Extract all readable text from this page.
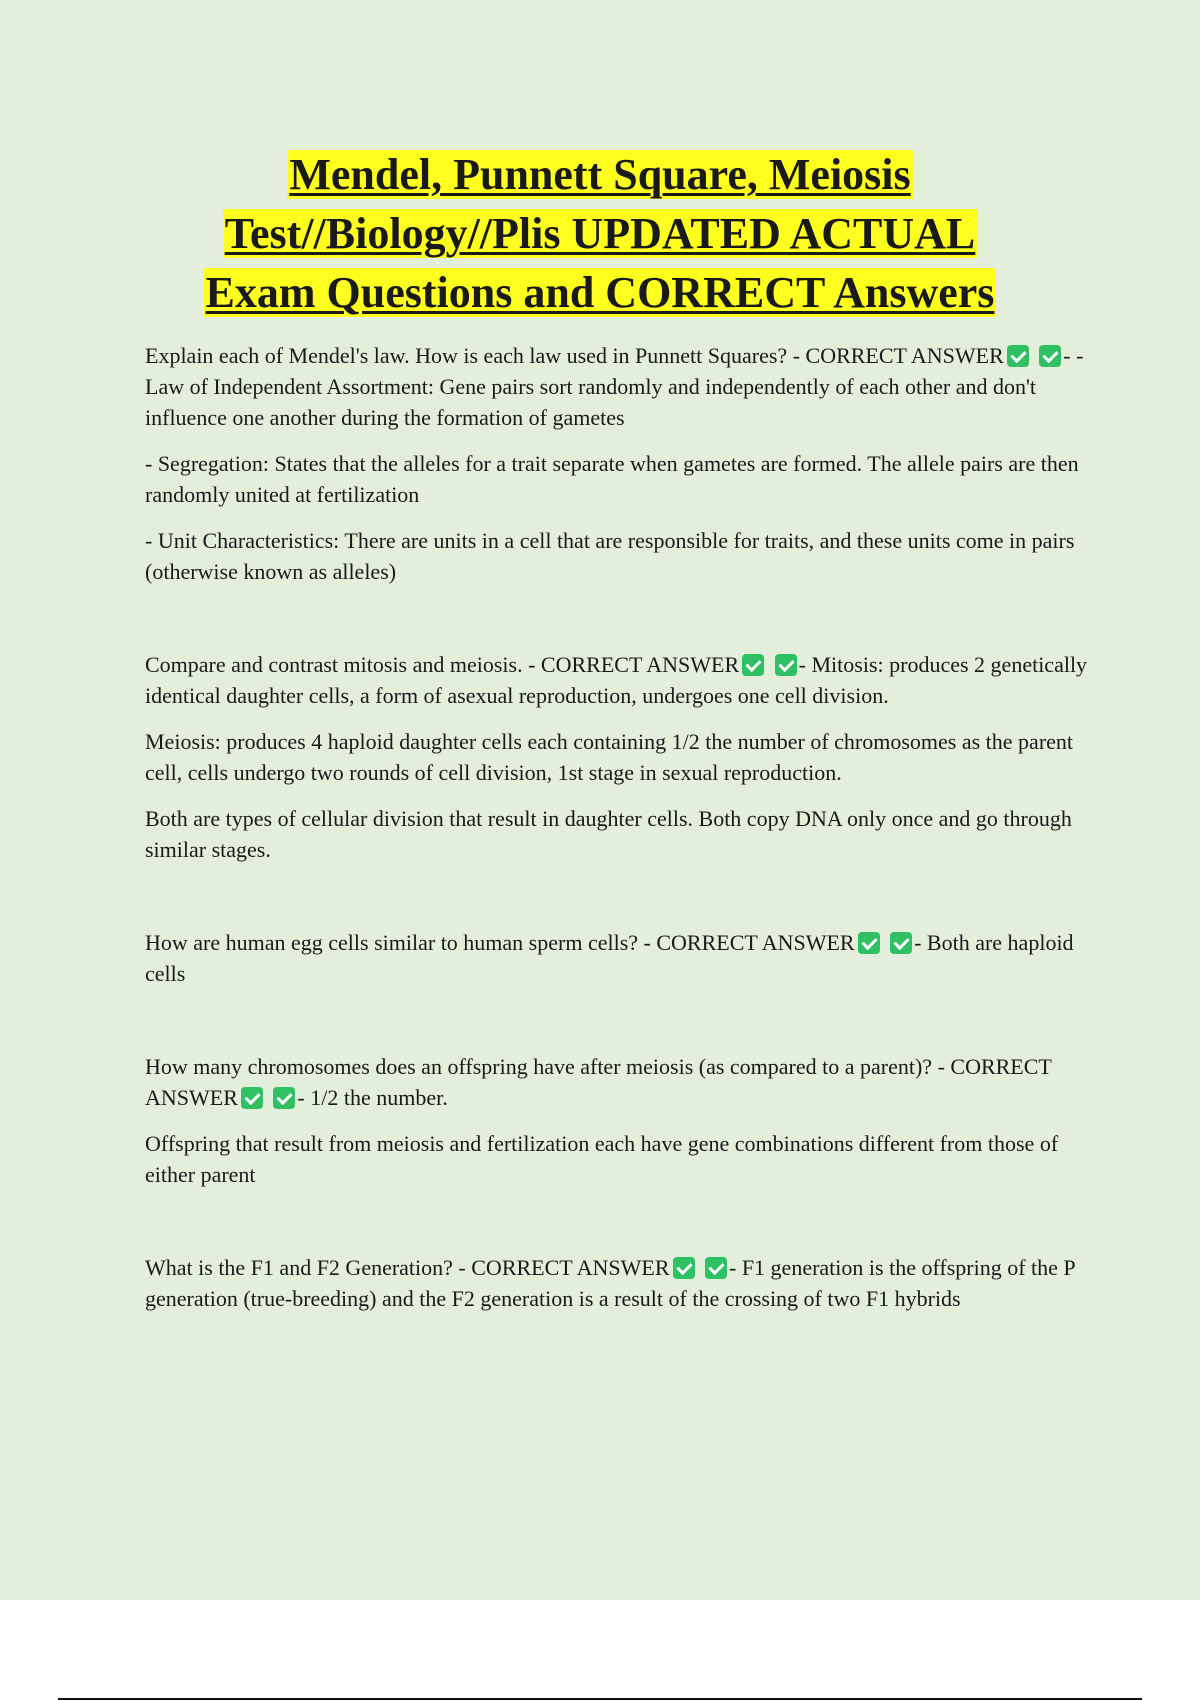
Mendel, Punnett Square, Meiosis
Test//Biology//Plis UPDATED ACTUAL
Exam Questions and CORRECT Answers

Explain each of Mendel's law. How is each law used in Punnett Squares? - CORRECT ANSWER	- - Law of Independent Assortment: Gene pairs sort randomly and independently of each other and don't influence one another during the formation of gametes

- Segregation: States that the alleles for a trait separate when gametes are formed. The allele pairs are then randomly united at fertilization

- Unit Characteristics: There are units in a cell that are responsible for traits, and these units come in pairs (otherwise known as alleles)

Compare and contrast mitosis and meiosis. - CORRECT ANSWER	- Mitosis: produces 2 genetically identical daughter cells, a form of asexual reproduction, undergoes one cell division.

Meiosis: produces 4 haploid daughter cells each containing 1/2 the number of chromosomes as the parent cell, cells undergo two rounds of cell division, 1st stage in sexual reproduction.

Both are types of cellular division that result in daughter cells. Both copy DNA only once and go through similar stages.

How are human egg cells similar to human sperm cells? - CORRECT ANSWER	- Both are haploid cells

How many chromosomes does an offspring have after meiosis (as compared to a parent)? - CORRECT ANSWER	- 1/2 the number.

Offspring that result from meiosis and fertilization each have gene combinations different from those of either parent

What is the F1 and F2 Generation? - CORRECT ANSWER	- F1 generation is the offspring of the P generation (true-breeding) and the F2 generation is a result of the crossing of two F1 hybrids
